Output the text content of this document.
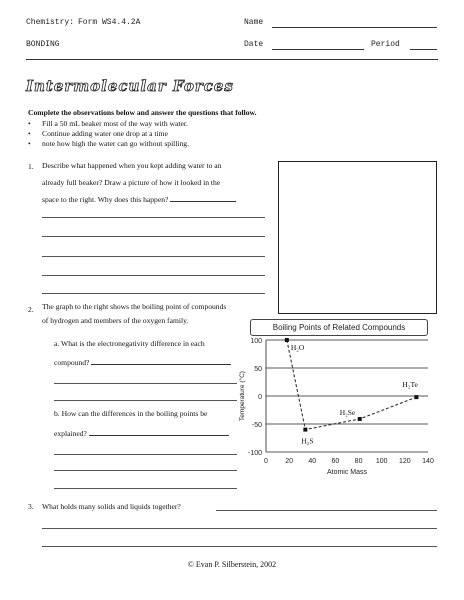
Chemistry: Form WS4.4.2A	Name
BONDING	Date	Period
Intermolecular Forces
Complete the observations below and answer the questions that follow.
• Fill a 50 mL beaker most of the way with water.
• Continue adding water one drop at a time
• note how high the water can go without spilling.
1. Describe what happened when you kept adding water to an
already full beaker? Draw a picture of how it looked in the
space to the right. Why does this happen?
2. The graph to the right shows the boiling point of compounds
of hydrogen and members of the oxygen family.
a. What is the electronegativity difference in each
compound?
b. How can the differences in the boiling points be
explained?
Boiling Points of Related Compounds
-100
-50
0
50
100
0 20 40 60 80 100 120 140
Atomic Mass
Temperature (°C)
H₂O
H₂S
H₂Se
H₂Te
3. What holds many solids and liquids together?
© Evan P. Silberstein, 2002
